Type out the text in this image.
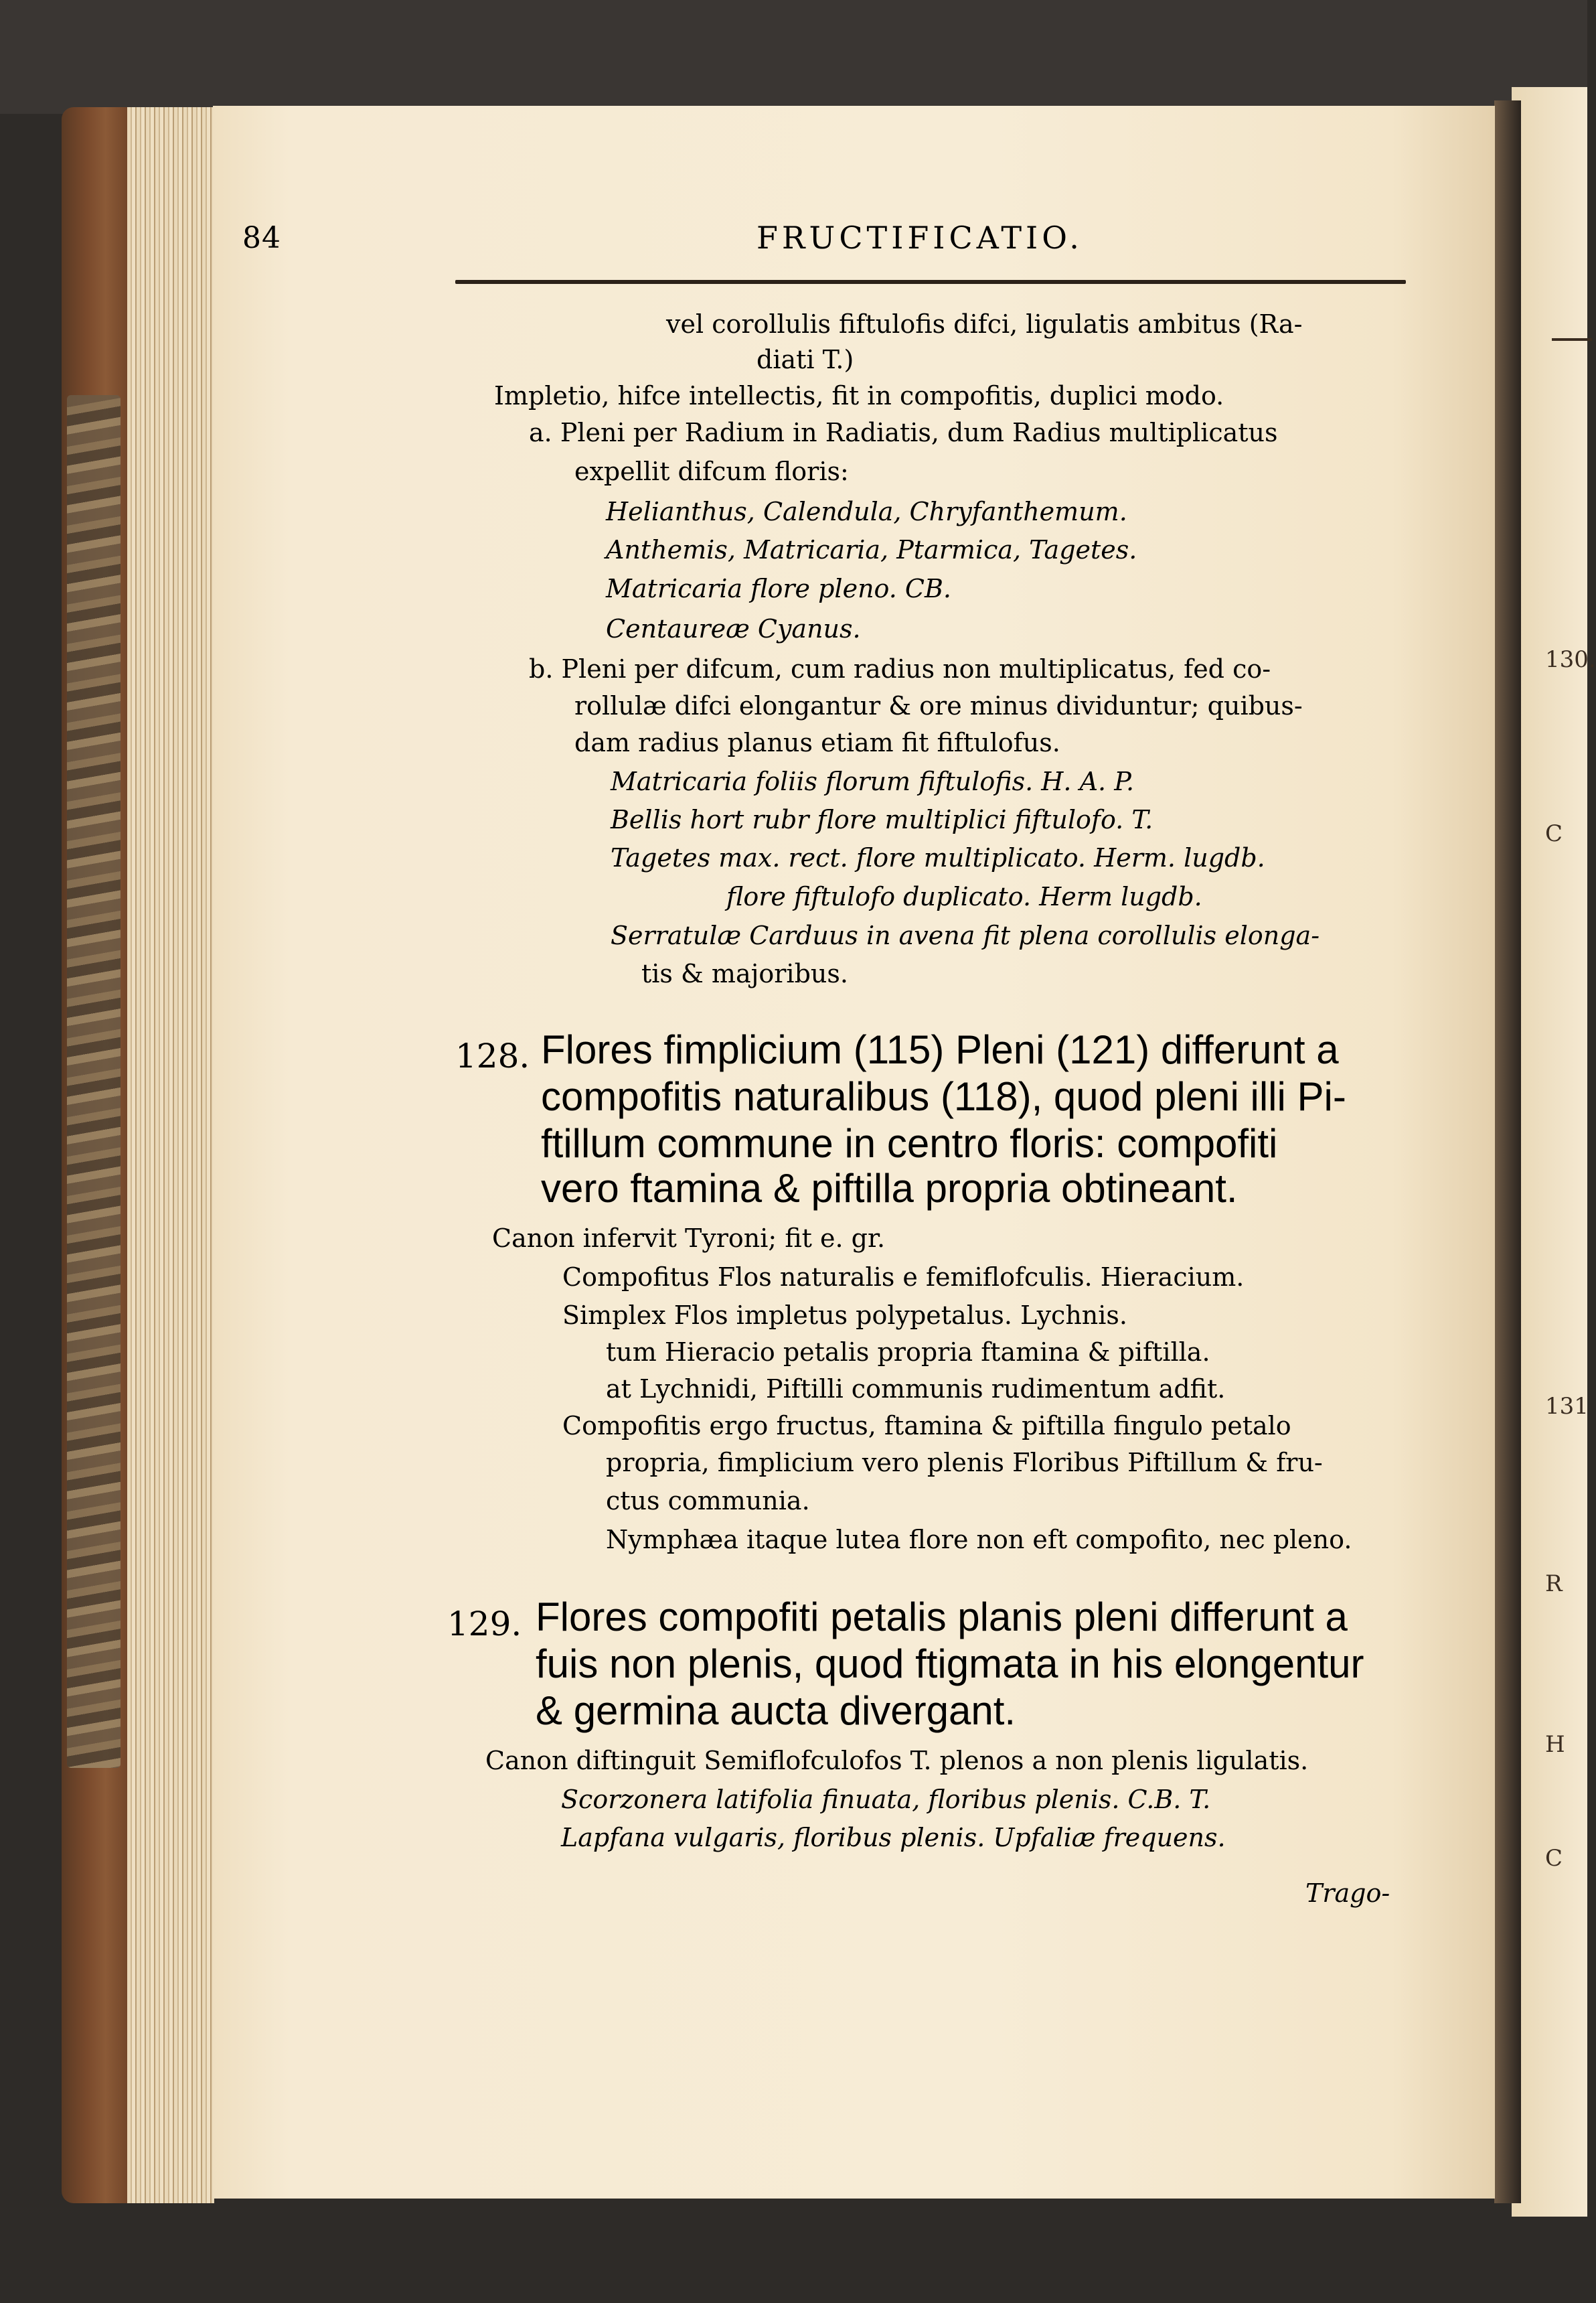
130.
C
131
R
H
C
84	FRUCTIFICATIO.
vel corollulis fiftulofis difci, ligulatis ambitus (Ra-
diati T.)
Impletio, hifce intellectis, fit in compofitis, duplici modo.
a. Pleni per Radium in Radiatis, dum Radius multiplicatus
expellit difcum floris:
Helianthus, Calendula, Chryfanthemum.
Anthemis, Matricaria, Ptarmica, Tagetes.
Matricaria flore pleno. CB.
Centaureæ Cyanus.
b. Pleni per difcum, cum radius non multiplicatus, fed co-
rollulæ difci elongantur & ore minus dividuntur; quibus-
dam radius planus etiam fit fiftulofus.
Matricaria foliis florum fiftulofis. H. A. P.
Bellis hort rubr flore multiplici fiftulofo. T.
Tagetes max. rect. flore multiplicato. Herm. lugdb.
flore fiftulofo duplicato. Herm lugdb.
Serratulæ Carduus in avena fit plena corollulis elonga-
tis & majoribus.
128. Flores fimplicium (115) Pleni (121) differunt a
compofitis naturalibus (118), quod pleni illi Pi-
ftillum commune in centro floris: compofiti
vero ftamina & piftilla propria obtineant.
Canon infervit Tyroni; fit e. gr.
Compofitus Flos naturalis e femiflofculis. Hieracium.
Simplex Flos impletus polypetalus. Lychnis.
tum Hieracio petalis propria ftamina & piftilla.
at Lychnidi, Piftilli communis rudimentum adfit.
Compofitis ergo fructus, ftamina & piftilla fingulo petalo
propria, fimplicium vero plenis Floribus Piftillum & fru-
ctus communia.
Nymphæa itaque lutea flore non eft compofito, nec pleno.
129. Flores compofiti petalis planis pleni differunt a
fuis non plenis, quod ftigmata in his elongentur
& germina aucta divergant.
Canon diftinguit Semiflofculofos T. plenos a non plenis ligulatis.
Scorzonera latifolia finuata, floribus plenis. C.B. T.
Lapfana vulgaris, floribus plenis. Upfaliæ frequens.
Trago-
